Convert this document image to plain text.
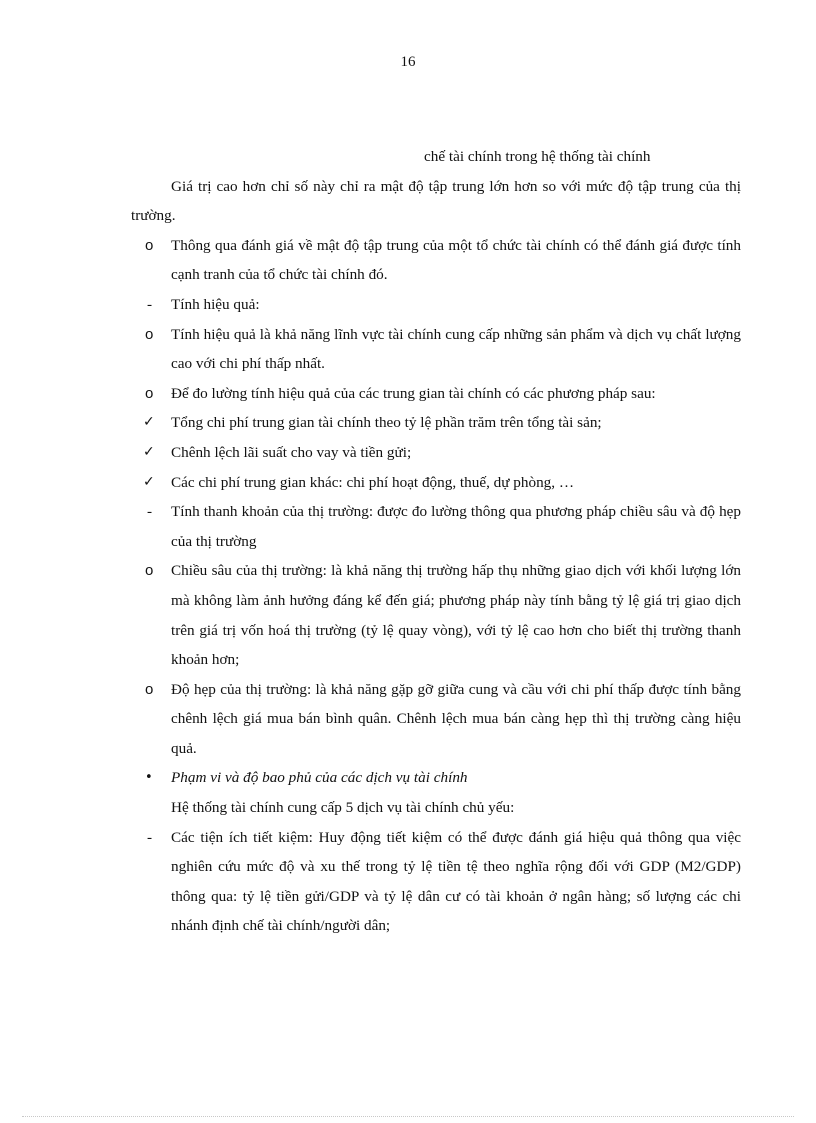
16
chế tài chính trong hệ thống tài chính
Giá trị cao hơn chỉ số này chỉ ra mật độ tập trung lớn hơn so với mức độ tập trung của thị trường.
o	Thông qua đánh giá về mật độ tập trung của một tổ chức tài chính có thể đánh giá được tính cạnh tranh của tổ chức tài chính đó.
-	Tính hiệu quả:
o	Tính hiệu quả là khả năng lĩnh vực tài chính cung cấp những sản phẩm và dịch vụ chất lượng cao với chi phí thấp nhất.
o	Để đo lường tính hiệu quả của các trung gian tài chính có các phương pháp sau:
✓	Tổng chi phí trung gian tài chính theo tỷ lệ phần trăm trên tổng tài sản;
✓	Chênh lệch lãi suất cho vay và tiền gửi;
✓	Các chi phí trung gian khác: chi phí hoạt động, thuế, dự phòng, …
-	Tính thanh khoản của thị trường: được đo lường thông qua phương pháp chiều sâu và độ hẹp của thị trường
o	Chiều sâu của thị trường: là khả năng thị trường hấp thụ những giao dịch với khối lượng lớn mà không làm ảnh hưởng đáng kể đến giá; phương pháp này tính bằng tỷ lệ giá trị giao dịch trên giá trị vốn hoá thị trường (tỷ lệ quay vòng), với tỷ lệ cao hơn cho biết thị trường thanh khoản hơn;
o	Độ hẹp của thị trường: là khả năng gặp gỡ giữa cung và cầu với chi phí thấp được tính bằng chênh lệch giá mua bán bình quân. Chênh lệch mua bán càng hẹp thì thị trường càng hiệu quả.
•	Phạm vi và độ bao phủ của các dịch vụ tài chính
Hệ thống tài chính cung cấp 5 dịch vụ tài chính chủ yếu:
-	Các tiện ích tiết kiệm: Huy động tiết kiệm có thể được đánh giá hiệu quả thông qua việc nghiên cứu mức độ và xu thế trong tỷ lệ tiền tệ theo nghĩa rộng đối với GDP (M2/GDP) thông qua: tỷ lệ tiền gửi/GDP và tỷ lệ dân cư có tài khoản ở ngân hàng; số lượng các chi nhánh định chế tài chính/người dân;
